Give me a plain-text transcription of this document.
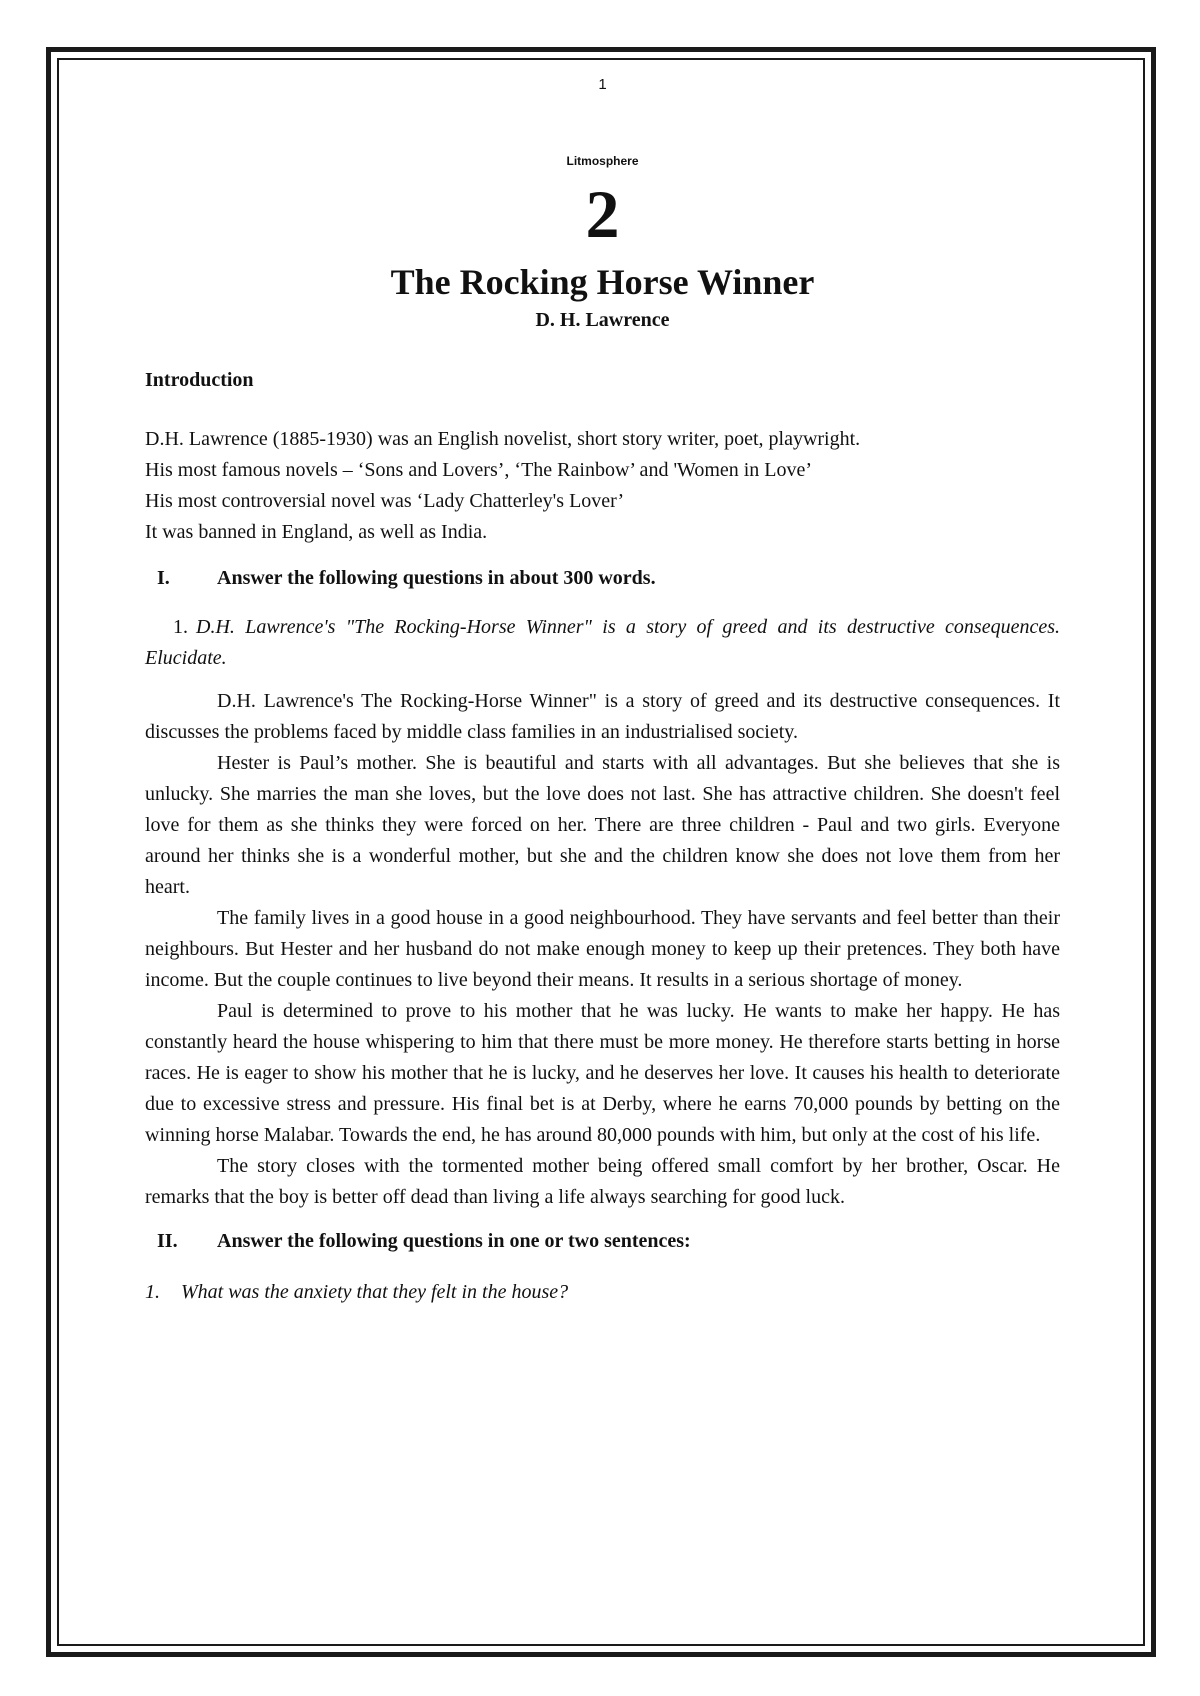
1
Litmosphere
2
The Rocking Horse Winner
D. H. Lawrence
Introduction

D.H. Lawrence (1885-1930) was an English novelist, short story writer, poet, playwright.

His most famous novels – ‘Sons and Lovers’, ‘The Rainbow’ and 'Women in Love’

His most controversial novel was ‘Lady Chatterley's Lover’

It was banned in England, as well as India.

I.	Answer the following questions in about 300 words.
1. D.H. Lawrence's "The Rocking-Horse Winner" is a story of greed and its destructive consequences. Elucidate.

D.H. Lawrence's The Rocking-Horse Winner" is a story of greed and its destructive consequences. It discusses the problems faced by middle class families in an industrialised society.

Hester is Paul’s mother. She is beautiful and starts with all advantages. But she believes that she is unlucky. She marries the man she loves, but the love does not last. She has attractive children. She doesn't feel love for them as she thinks they were forced on her. There are three children - Paul and two girls. Everyone around her thinks she is a wonderful mother, but she and the children know she does not love them from her heart.

The family lives in a good house in a good neighbourhood. They have servants and feel better than their neighbours. But Hester and her husband do not make enough money to keep up their pretences. They both have income. But the couple continues to live beyond their means. It results in a serious shortage of money.

Paul is determined to prove to his mother that he was lucky. He wants to make her happy. He has constantly heard the house whispering to him that there must be more money. He therefore starts betting in horse races. He is eager to show his mother that he is lucky, and he deserves her love. It causes his health to deteriorate due to excessive stress and pressure. His final bet is at Derby, where he earns 70,000 pounds by betting on the winning horse Malabar. Towards the end, he has around 80,000 pounds with him, but only at the cost of his life.

The story closes with the tormented mother being offered small comfort by her brother, Oscar. He remarks that the boy is better off dead than living a life always searching for good luck.

II.	Answer the following questions in one or two sentences:
1.	What was the anxiety that they felt in the house?
